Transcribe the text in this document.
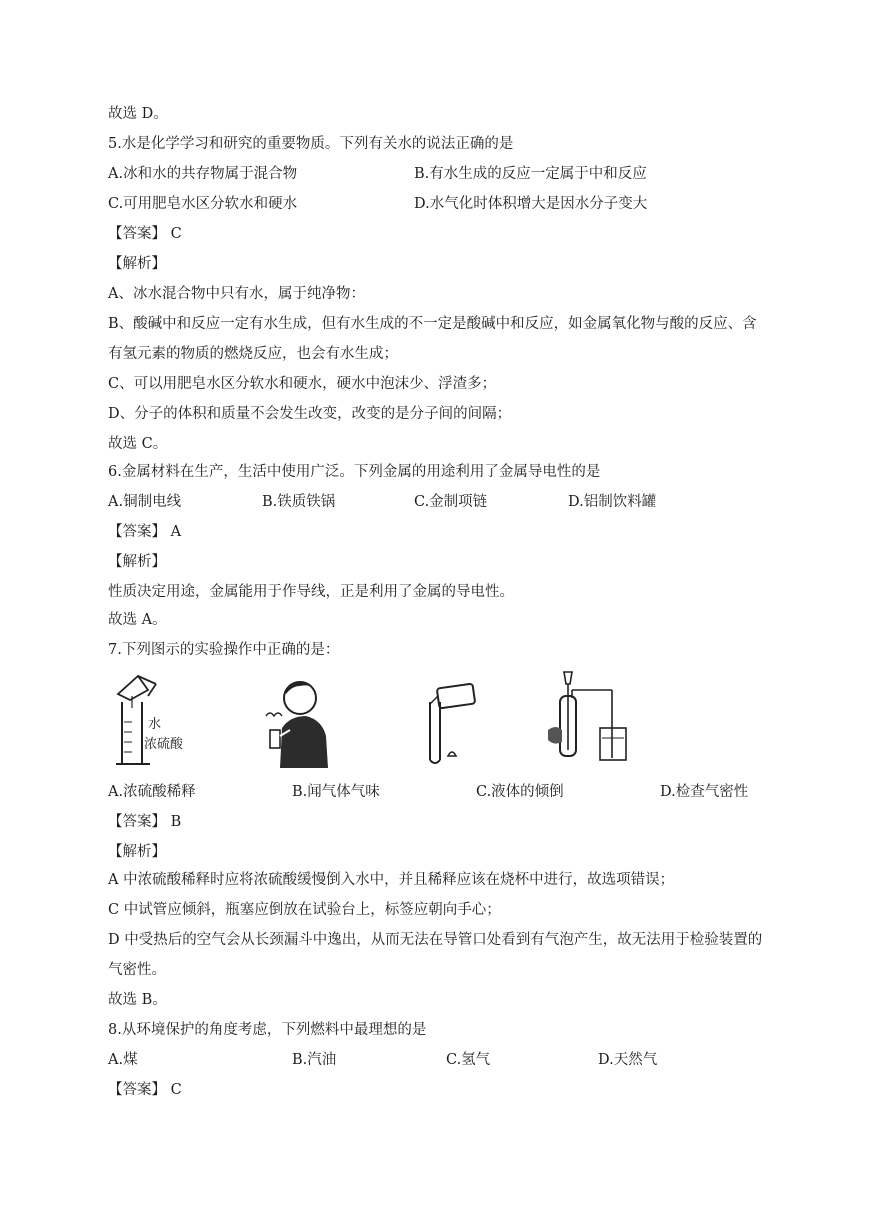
故选 D。
5.水是化学学习和研究的重要物质。下列有关水的说法正确的是
A.冰和水的共存物属于混合物	B.有水生成的反应一定属于中和反应
C.可用肥皂水区分软水和硬水	D.水气化时体积增大是因水分子变大
【答案】 C
【解析】
A、冰水混合物中只有水，属于纯净物：
B、酸碱中和反应一定有水生成，但有水生成的不一定是酸碱中和反应，如金属氧化物与酸的反应、含
有氢元素的物质的燃烧反应，也会有水生成；
C、可以用肥皂水区分软水和硬水，硬水中泡沫少、浮渣多；
D、分子的体积和质量不会发生改变，改变的是分子间的间隔；
故选 C。
6.金属材料在生产，生活中使用广泛。下列金属的用途利用了金属导电性的是
A.铜制电线	B.铁质铁锅	C.金制项链	D.铝制饮料罐
【答案】 A
【解析】
性质决定用途，金属能用于作导线，正是利用了金属的导电性。
故选 A。
7.下列图示的实验操作中正确的是：
水
浓硫酸
A.浓硫酸稀释	B.闻气体气味	C.液体的倾倒	D.检查气密性
【答案】 B
【解析】
A 中浓硫酸稀释时应将浓硫酸缓慢倒入水中，并且稀释应该在烧杯中进行，故选项错误；
C 中试管应倾斜，瓶塞应倒放在试验台上，标签应朝向手心；
D 中受热后的空气会从长颈漏斗中逸出，从而无法在导管口处看到有气泡产生，故无法用于检验装置的
气密性。
故选 B。
8.从环境保护的角度考虑，下列燃料中最理想的是
A.煤	B.汽油	C.氢气	D.天然气
【答案】 C
